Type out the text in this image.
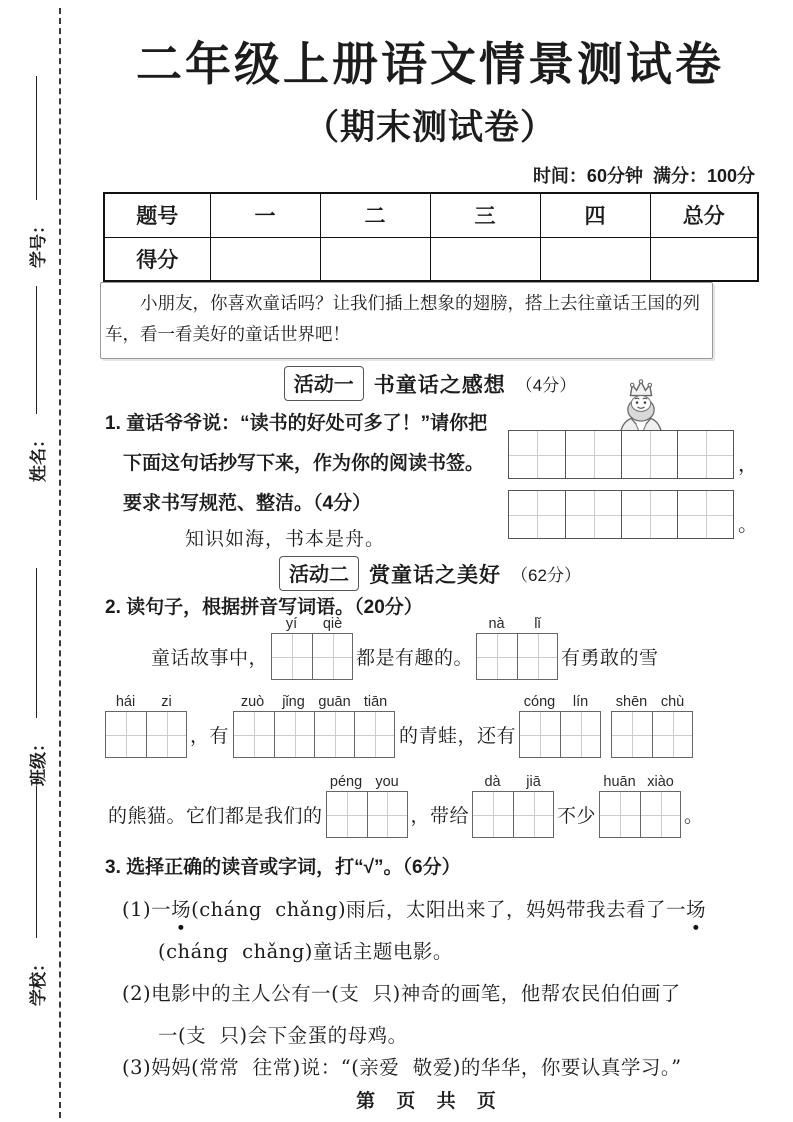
学号：
姓名：
班级：
学校：
二年级上册语文情景测试卷
（期末测试卷）
时间：60分钟  满分：100分
题号	一	二	三	四	总分
得分					

小朋友，你喜欢童话吗？让我们插上想象的翅膀，搭上去往童话王国的列车，看一看美好的童话世界吧！

活动一 书童话之感想 （4分）
1. 童话爷爷说：“读书的好处可多了！”请你把
下面这句话抄写下来，作为你的阅读书签。
要求书写规范、整洁。（4分）
知识如海，书本是舟。
，
。
活动二 赏童话之美好 （62分）
2. 读句子，根据拼音写词语。（20分）
童话故事中，
yí	qiè
都是有趣的。
nà	lǐ
有勇敢的雪
hái	zi
，有
zuò	jǐng guān tiān
的青蛙，还有
cóng	lín	shēn chù
的熊猫。它们都是我们的
péng you
，带给
dà	jiā
不少
huān xiào
。
3. 选择正确的读音或字词，打“√”。（6分）
(1)一场 ●(cháng  chǎng)雨后，太阳出来了，妈妈带我去看了一场 ●
(cháng  chǎng)童话主题电影。
(2)电影中的主人公有一(支  只)神奇的画笔，他帮农民伯伯画了
一(支  只)会下金蛋的母鸡。
(3)妈妈(常常  往常)说：“(亲爱  敬爱)的华华，你要认真学习。”
第 页 共 页
